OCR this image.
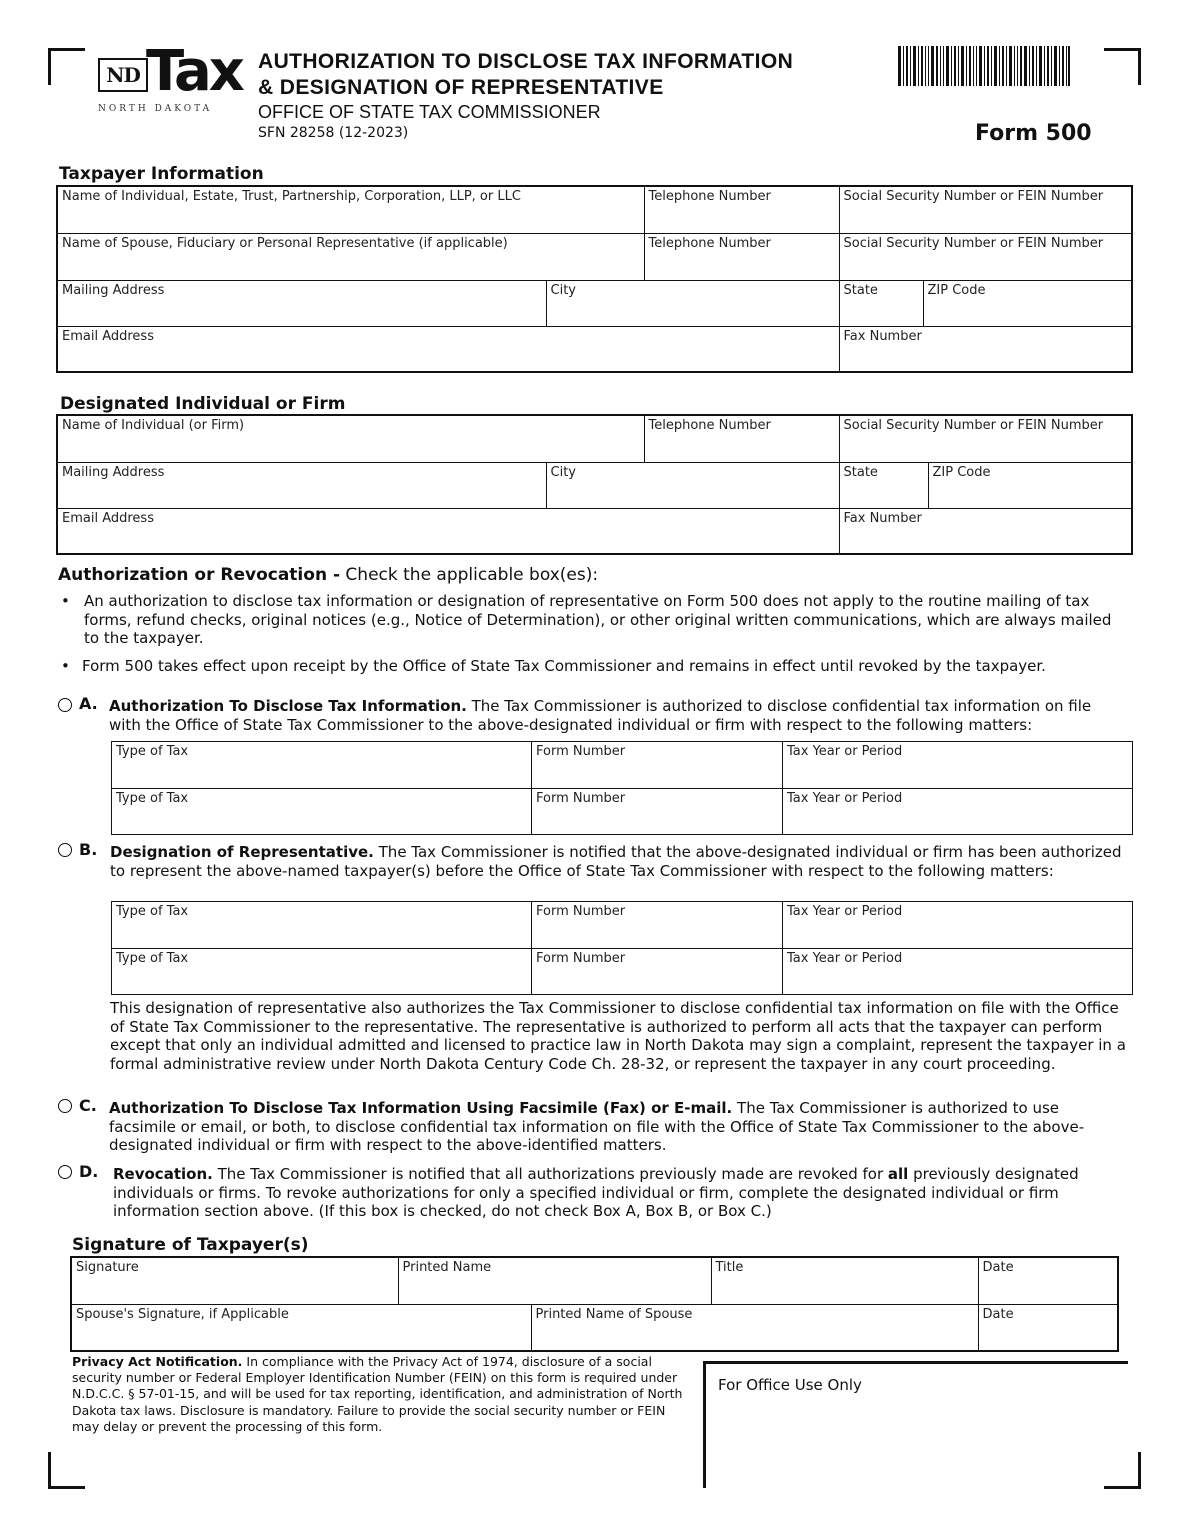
ND Tax
NORTH DAKOTA
AUTHORIZATION TO DISCLOSE TAX INFORMATION
& DESIGNATION OF REPRESENTATIVE
OFFICE OF STATE TAX COMMISSIONER
SFN 28258 (12-2023)	Form 500
Taxpayer Information
Name of Individual, Estate, Trust, Partnership, Corporation, LLP, or LLC		Telephone Number	Social Security Number or FEIN Number	
Name of Spouse, Fiduciary or Personal Representative (if applicable)		Telephone Number	Social Security Number or FEIN Number	
Mailing Address	City		State	ZIP Code
Email Address			Fax Number	
Designated Individual or Firm
Name of Individual (or Firm)		Telephone Number	Social Security Number or FEIN Number	
Mailing Address	City		State	ZIP Code
Email Address			Fax Number	
Authorization or Revocation - Check the applicable box(es):
• An authorization to disclose tax information or designation of representative on Form 500 does not apply to the routine mailing of tax forms, refund checks, original notices (e.g., Notice of Determination), or other original written communications, which are always mailed to the taxpayer.
• Form 500 takes effect upon receipt by the Office of State Tax Commissioner and remains in effect until revoked by the taxpayer.
A. Authorization To Disclose Tax Information. The Tax Commissioner is authorized to disclose confidential tax information on file with the Office of State Tax Commissioner to the above-designated individual or firm with respect to the following matters:
Type of Tax	Form Number	Tax Year or Period
Type of Tax	Form Number	Tax Year or Period
B. Designation of Representative. The Tax Commissioner is notified that the above-designated individual or firm has been authorized to represent the above-named taxpayer(s) before the Office of State Tax Commissioner with respect to the following matters:
Type of Tax	Form Number	Tax Year or Period
Type of Tax	Form Number	Tax Year or Period
This designation of representative also authorizes the Tax Commissioner to disclose confidential tax information on file with the Office of State Tax Commissioner to the representative. The representative is authorized to perform all acts that the taxpayer can perform except that only an individual admitted and licensed to practice law in North Dakota may sign a complaint, represent the taxpayer in a formal administrative review under North Dakota Century Code Ch. 28-32, or represent the taxpayer in any court proceeding.
C. Authorization To Disclose Tax Information Using Facsimile (Fax) or E-mail. The Tax Commissioner is authorized to use facsimile or email, or both, to disclose confidential tax information on file with the Office of State Tax Commissioner to the above-designated individual or firm with respect to the above-identified matters.
D. Revocation. The Tax Commissioner is notified that all authorizations previously made are revoked for all previously designated individuals or firms. To revoke authorizations for only a specified individual or firm, complete the designated individual or firm information section above. (If this box is checked, do not check Box A, Box B, or Box C.)
Signature of Taxpayer(s)
Signature	Printed Name		Title	Date
Spouse's Signature, if Applicable		Printed Name of Spouse		Date
Privacy Act Notification. In compliance with the Privacy Act of 1974, disclosure of a social security number or Federal Employer Identification Number (FEIN) on this form is required under N.D.C.C. § 57-01-15, and will be used for tax reporting, identification, and administration of North Dakota tax laws. Disclosure is mandatory. Failure to provide the social security number or FEIN may delay or prevent the processing of this form.
For Office Use Only
